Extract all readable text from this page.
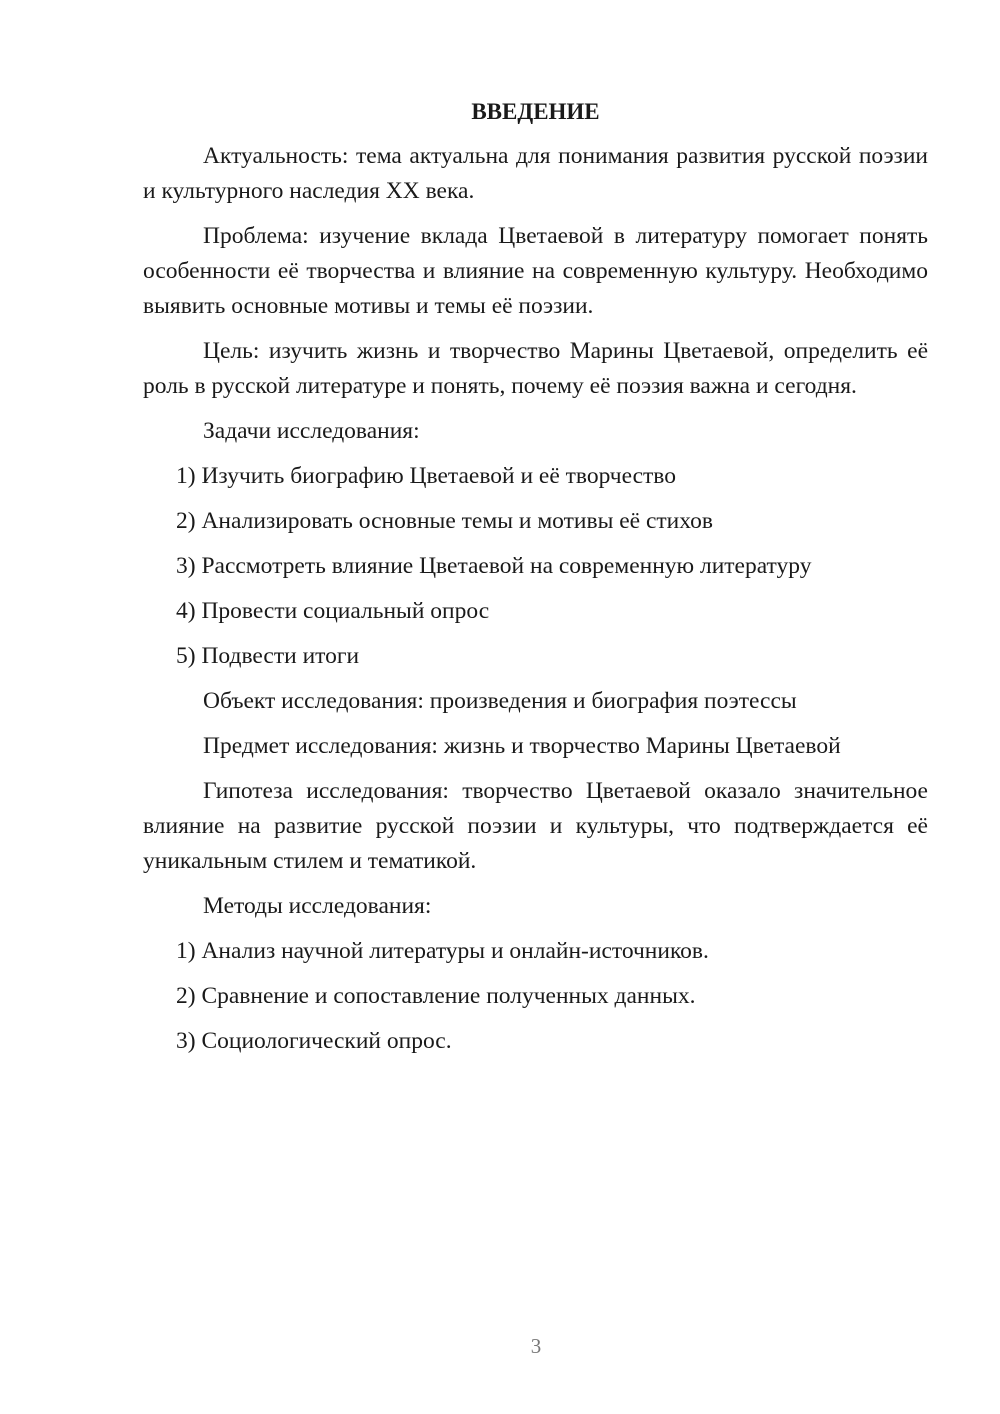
ВВЕДЕНИЕ

Актуальность: тема актуальна для понимания развития русской поэзии и культурного наследия XX века.

Проблема: изучение вклада Цветаевой в литературу помогает понять особенности её творчества и влияние на современную культуру. Необходимо выявить основные мотивы и темы её поэзии.

Цель: изучить жизнь и творчество Марины Цветаевой, определить её роль в русской литературе и понять, почему её поэзия важна и сегодня.

Задачи исследования:
1) Изучить биографию Цветаевой и её творчество
2) Анализировать основные темы и мотивы её стихов
3) Рассмотреть влияние Цветаевой на современную литературу
4) Провести социальный опрос
5) Подвести итоги
Объект исследования: произведения и биография поэтессы
Предмет исследования: жизнь и творчество Марины Цветаевой

Гипотеза исследования: творчество Цветаевой оказало значительное влияние на развитие русской поэзии и культуры, что подтверждается её уникальным стилем и тематикой.

Методы исследования:
1) Анализ научной литературы и онлайн-источников.
2) Сравнение и сопоставление полученных данных.
3) Социологический опрос.
3
